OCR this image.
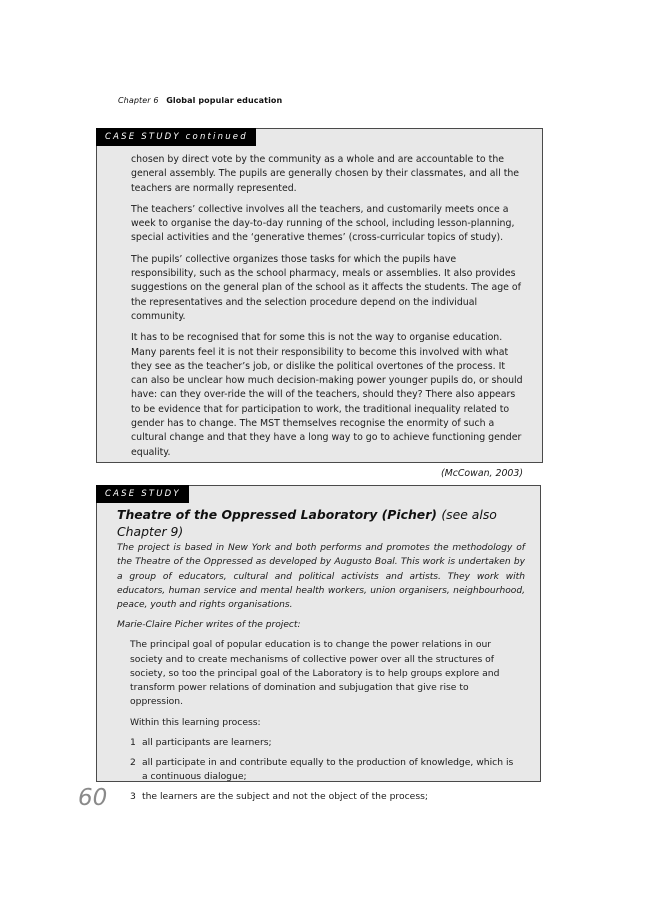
Chapter 6 Global popular education
CASE STUDY continued

chosen by direct vote by the community as a whole and are accountable to the general assembly. The pupils are generally chosen by their classmates, and all the teachers are normally represented.

The teachers’ collective involves all the teachers, and customarily meets once a week to organise the day-to-day running of the school, including lesson-planning, special activities and the ‘generative themes’ (cross-curricular topics of study).

The pupils’ collective organizes those tasks for which the pupils have responsibility, such as the school pharmacy, meals or assemblies. It also provides suggestions on the general plan of the school as it affects the students. The age of the representatives and the selection procedure depend on the individual community.

It has to be recognised that for some this is not the way to organise education. Many parents feel it is not their responsibility to become this involved with what they see as the teacher’s job, or dislike the political overtones of the process. It can also be unclear how much decision-making power younger pupils do, or should have: can they over-ride the will of the teachers, should they? There also appears to be evidence that for participation to work, the traditional inequality related to gender has to change. The MST themselves recognise the enormity of such a cultural change and that they have a long way to go to achieve functioning gender equality.

(McCowan, 2003)
CASE STUDY
Theatre of the Oppressed Laboratory (Picher) (see also Chapter 9)

The project is based in New York and both performs and promotes the methodology of the Theatre of the Oppressed as developed by Augusto Boal. This work is undertaken by a group of educators, cultural and political activists and artists. They work with educators, human service and mental health workers, union organisers, neighbourhood, peace, youth and rights organisations.

Marie-Claire Picher writes of the project:

The principal goal of popular education is to change the power relations in our society and to create mechanisms of collective power over all the structures of society, so too the principal goal of the Laboratory is to help groups explore and transform power relations of domination and subjugation that give rise to oppression.

Within this learning process:

1 all participants are learners;
2 all participate in and contribute equally to the production of knowledge, which is a continuous dialogue;
3 the learners are the subject and not the object of the process;
60
